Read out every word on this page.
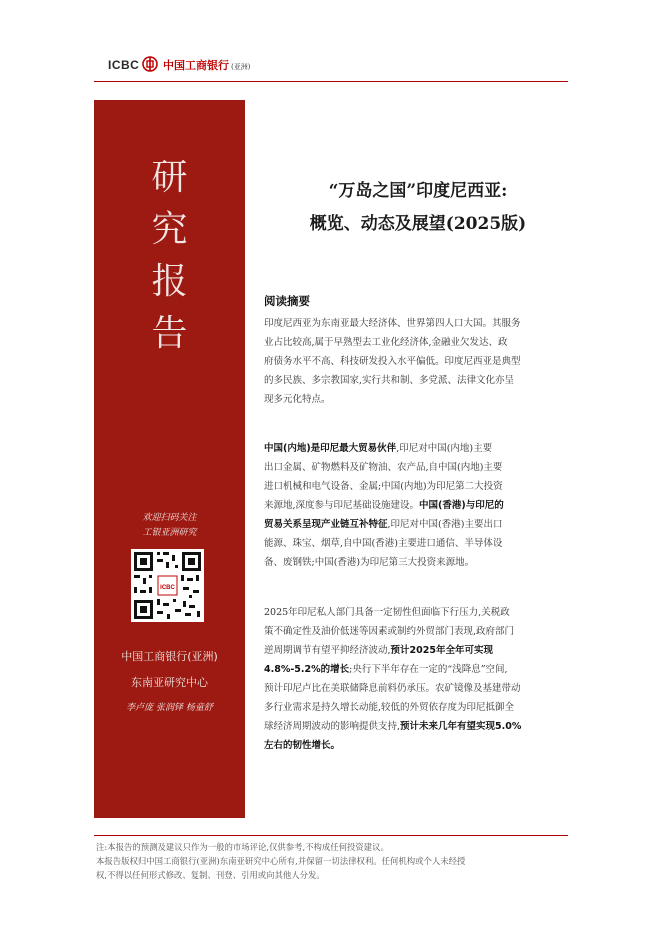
ICBC 中国工商银行 (亚洲)
研
究
报
告
欢迎扫码关注
工银亚洲研究
ICBC
中国工商银行(亚洲)
东南亚研究中心
李卢庞 张润铎 杨童舒
“万岛之国”印度尼西亚:
概览、动态及展望(2025版)
阅读摘要
印度尼西亚为东南亚最大经济体、世界第四人口大国。其服务
业占比较高,属于早熟型去工业化经济体,金融业欠发达、政
府债务水平不高、科技研发投入水平偏低。印度尼西亚是典型
的多民族、多宗教国家,实行共和制、多党派、法律文化亦呈
现多元化特点。
中国(内地)是印尼最大贸易伙伴,印尼对中国(内地)主要
出口金属、矿物燃料及矿物油、农产品,自中国(内地)主要
进口机械和电气设备、金属;中国(内地)为印尼第二大投资
来源地,深度参与印尼基础设施建设。中国(香港)与印尼的
贸易关系呈现产业链互补特征,印尼对中国(香港)主要出口
能源、珠宝、烟草,自中国(香港)主要进口通信、半导体设
备、废钢铁;中国(香港)为印尼第三大投资来源地。
2025年印尼私人部门具备一定韧性但面临下行压力,关税政
策不确定性及油价低迷等因素或制约外贸部门表现,政府部门
逆周期调节有望平抑经济波动,预计2025年全年可实现
4.8%-5.2%的增长;央行下半年存在一定的“浅降息”空间,
预计印尼卢比在美联储降息前料仍承压。农矿镜像及基建带动
多行业需求是持久增长动能,较低的外贸依存度为印尼抵御全
球经济周期波动的影响提供支持,预计未来几年有望实现5.0%
左右的韧性增长。
注:本报告的预测及建议只作为一般的市场评论,仅供参考,不构成任何投资建议。
本报告版权归中国工商银行(亚洲)东南亚研究中心所有,并保留一切法律权利。任何机构或个人未经授
权,不得以任何形式修改、复制、刊登、引用或向其他人分发。
